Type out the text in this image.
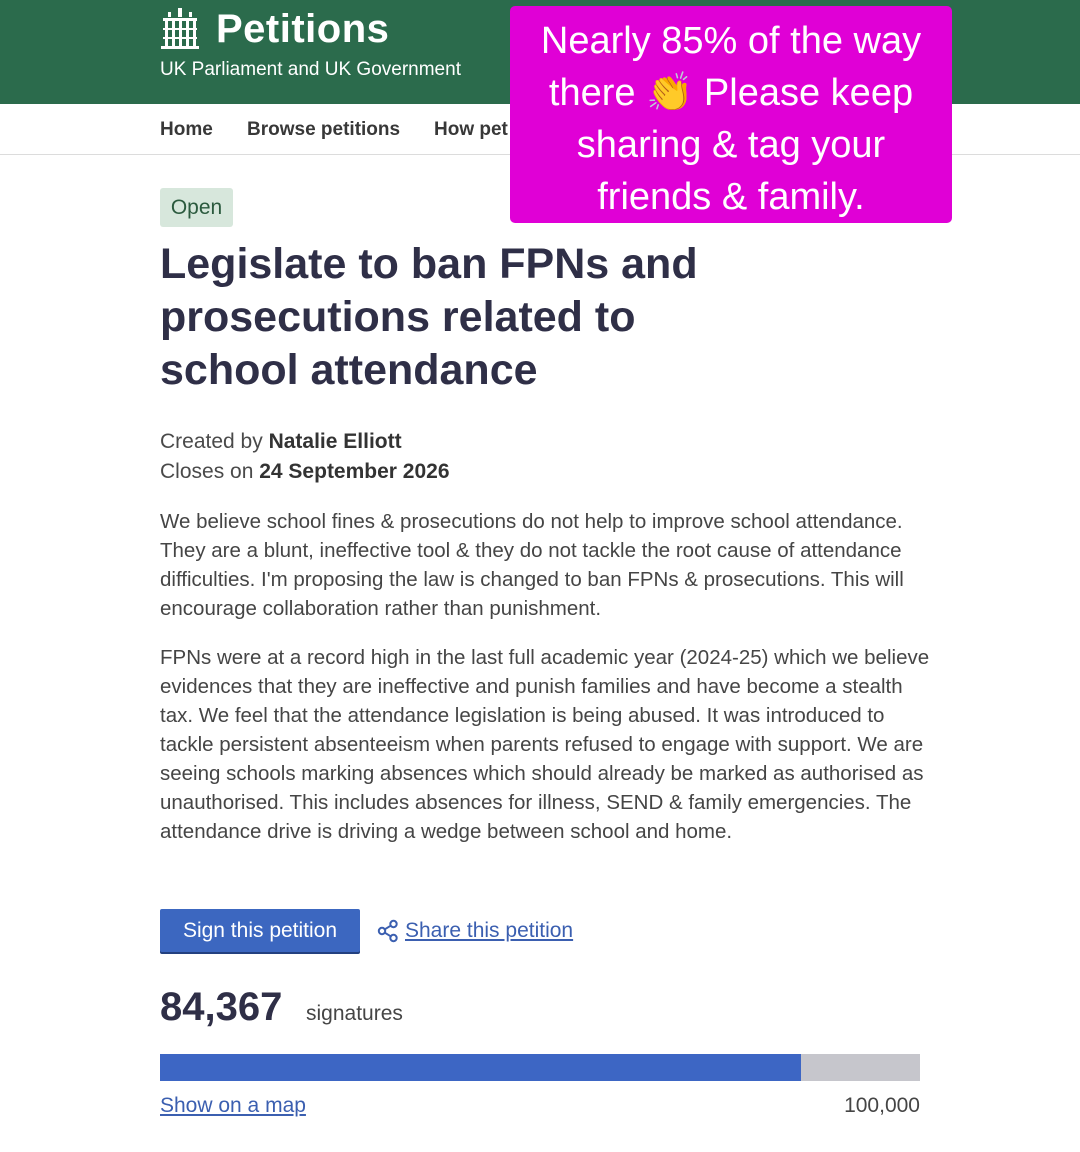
Petitions
UK Parliament and UK Government
Home Browse petitions How pet
Nearly 85% of the way
there 👏 Please keep
sharing & tag your
friends & family.
Open
Legislate to ban FPNs and prosecutions related to school attendance
Created by Natalie Elliott
Closes on 24 September 2026

We believe school fines & prosecutions do not help to improve school attendance. They are a blunt, ineffective tool & they do not tackle the root cause of attendance difficulties. I'm proposing the law is changed to ban FPNs & prosecutions. This will encourage collaboration rather than punishment.

FPNs were at a record high in the last full academic year (2024-25) which we believe evidences that they are ineffective and punish families and have become a stealth tax. We feel that the attendance legislation is being abused. It was introduced to tackle persistent absenteeism when parents refused to engage with support. We are seeing schools marking absences which should already be marked as authorised as unauthorised. This includes absences for illness, SEND & family emergencies. The attendance drive is driving a wedge between school and home.

Sign this petition	Share this petition
84,367 signatures
Show on a map	100,000
